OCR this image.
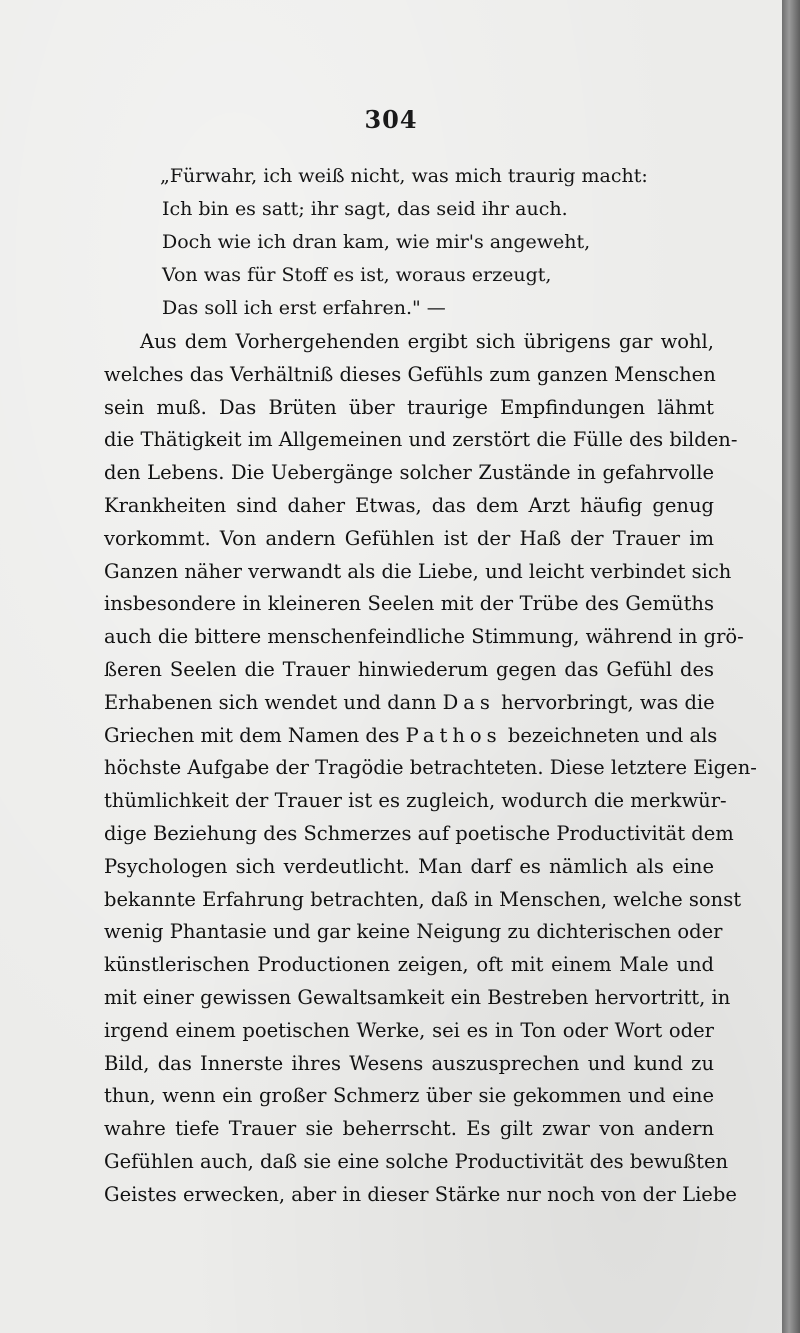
304
„Fürwahr, ich weiß nicht, was mich traurig macht:
Ich bin es satt; ihr sagt, das seid ihr auch.
Doch wie ich dran kam, wie mir's angeweht,
Von was für Stoff es ist, woraus erzeugt,
Das soll ich erst erfahren." —
Aus dem Vorhergehenden ergibt sich übrigens gar wohl,
welches das Verhältniß dieses Gefühls zum ganzen Menschen
sein muß. Das Brüten über traurige Empfindungen lähmt
die Thätigkeit im Allgemeinen und zerstört die Fülle des bilden-
den Lebens. Die Uebergänge solcher Zustände in gefahrvolle
Krankheiten sind daher Etwas, das dem Arzt häufig genug
vorkommt. Von andern Gefühlen ist der Haß der Trauer im
Ganzen näher verwandt als die Liebe, und leicht verbindet sich
insbesondere in kleineren Seelen mit der Trübe des Gemüths
auch die bittere menschenfeindliche Stimmung, während in grö-
ßeren Seelen die Trauer hinwiederum gegen das Gefühl des
Erhabenen sich wendet und dann Das hervorbringt, was die
Griechen mit dem Namen des Pathos bezeichneten und als
höchste Aufgabe der Tragödie betrachteten. Diese letztere Eigen-
thümlichkeit der Trauer ist es zugleich, wodurch die merkwür-
dige Beziehung des Schmerzes auf poetische Productivität dem
Psychologen sich verdeutlicht. Man darf es nämlich als eine
bekannte Erfahrung betrachten, daß in Menschen, welche sonst
wenig Phantasie und gar keine Neigung zu dichterischen oder
künstlerischen Productionen zeigen, oft mit einem Male und
mit einer gewissen Gewaltsamkeit ein Bestreben hervortritt, in
irgend einem poetischen Werke, sei es in Ton oder Wort oder
Bild, das Innerste ihres Wesens auszusprechen und kund zu
thun, wenn ein großer Schmerz über sie gekommen und eine
wahre tiefe Trauer sie beherrscht. Es gilt zwar von andern
Gefühlen auch, daß sie eine solche Productivität des bewußten
Geistes erwecken, aber in dieser Stärke nur noch von der Liebe
